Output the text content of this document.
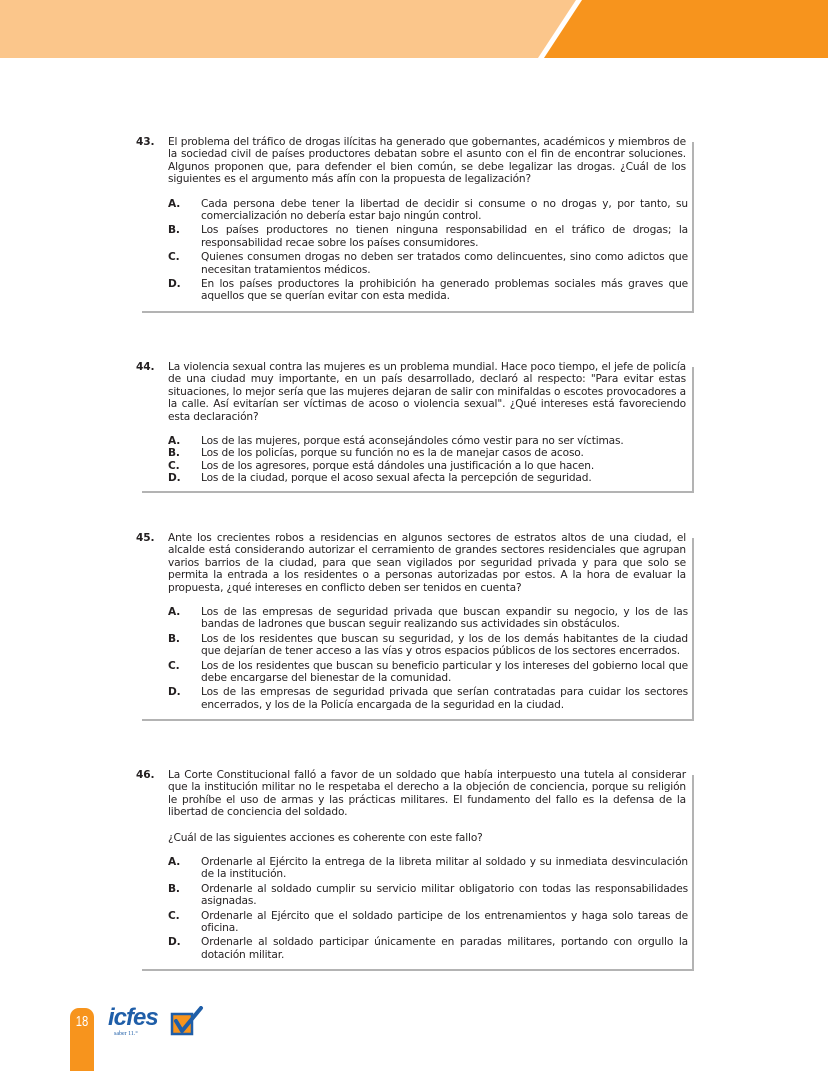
43.	El problema del tráfico de drogas ilícitas ha generado que gobernantes, académicos y miembros de la sociedad civil de países productores debatan sobre el asunto con el fin de encontrar soluciones. Algunos proponen que, para defender el bien común, se debe legalizar las drogas. ¿Cuál de los siguientes es el argumento más afín con la propuesta de legalización?

A.	Cada persona debe tener la libertad de decidir si consume o no drogas y, por tanto, su comercialización no debería estar bajo ningún control.
B.	Los países productores no tienen ninguna responsabilidad en el tráfico de drogas; la responsabilidad recae sobre los países consumidores.
C.	Quienes consumen drogas no deben ser tratados como delincuentes, sino como adictos que necesitan tratamientos médicos.
D.	En los países productores la prohibición ha generado problemas sociales más graves que aquellos que se querían evitar con esta medida.
44.	La violencia sexual contra las mujeres es un problema mundial. Hace poco tiempo, el jefe de policía de una ciudad muy importante, en un país desarrollado, declaró al respecto: "Para evitar estas situaciones, lo mejor sería que las mujeres dejaran de salir con minifaldas o escotes provocadores a la calle. Así evitarían ser víctimas de acoso o violencia sexual". ¿Qué intereses está favoreciendo esta declaración?

A.	Los de las mujeres, porque está aconsejándoles cómo vestir para no ser víctimas.
B.	Los de los policías, porque su función no es la de manejar casos de acoso.
C.	Los de los agresores, porque está dándoles una justificación a lo que hacen.
D.	Los de la ciudad, porque el acoso sexual afecta la percepción de seguridad.
45.	Ante los crecientes robos a residencias en algunos sectores de estratos altos de una ciudad, el alcalde está considerando autorizar el cerramiento de grandes sectores residenciales que agrupan varios barrios de la ciudad, para que sean vigilados por seguridad privada y para que solo se permita la entrada a los residentes o a personas autorizadas por estos. A la hora de evaluar la propuesta, ¿qué intereses en conflicto deben ser tenidos en cuenta?

A.	Los de las empresas de seguridad privada que buscan expandir su negocio, y los de las bandas de ladrones que buscan seguir realizando sus actividades sin obstáculos.
B.	Los de los residentes que buscan su seguridad, y los de los demás habitantes de la ciudad que dejarían de tener acceso a las vías y otros espacios públicos de los sectores encerrados.
C.	Los de los residentes que buscan su beneficio particular y los intereses del gobierno local que debe encargarse del bienestar de la comunidad.
D.	Los de las empresas de seguridad privada que serían contratadas para cuidar los sectores encerrados, y los de la Policía encargada de la seguridad en la ciudad.
46.	La Corte Constitucional falló a favor de un soldado que había interpuesto una tutela al considerar que la institución militar no le respetaba el derecho a la objeción de conciencia, porque su religión le prohíbe el uso de armas y las prácticas militares. El fundamento del fallo es la defensa de la libertad de conciencia del soldado.

¿Cuál de las siguientes acciones es coherente con este fallo?

A.	Ordenarle al Ejército la entrega de la libreta militar al soldado y su inmediata desvinculación de la institución.
B.	Ordenarle al soldado cumplir su servicio militar obligatorio con todas las responsabilidades asignadas.
C.	Ordenarle al Ejército que el soldado participe de los entrenamientos y haga solo tareas de oficina.
D.	Ordenarle al soldado participar únicamente en paradas militares, portando con orgullo la dotación militar.
18 icfes
saber 11.°
